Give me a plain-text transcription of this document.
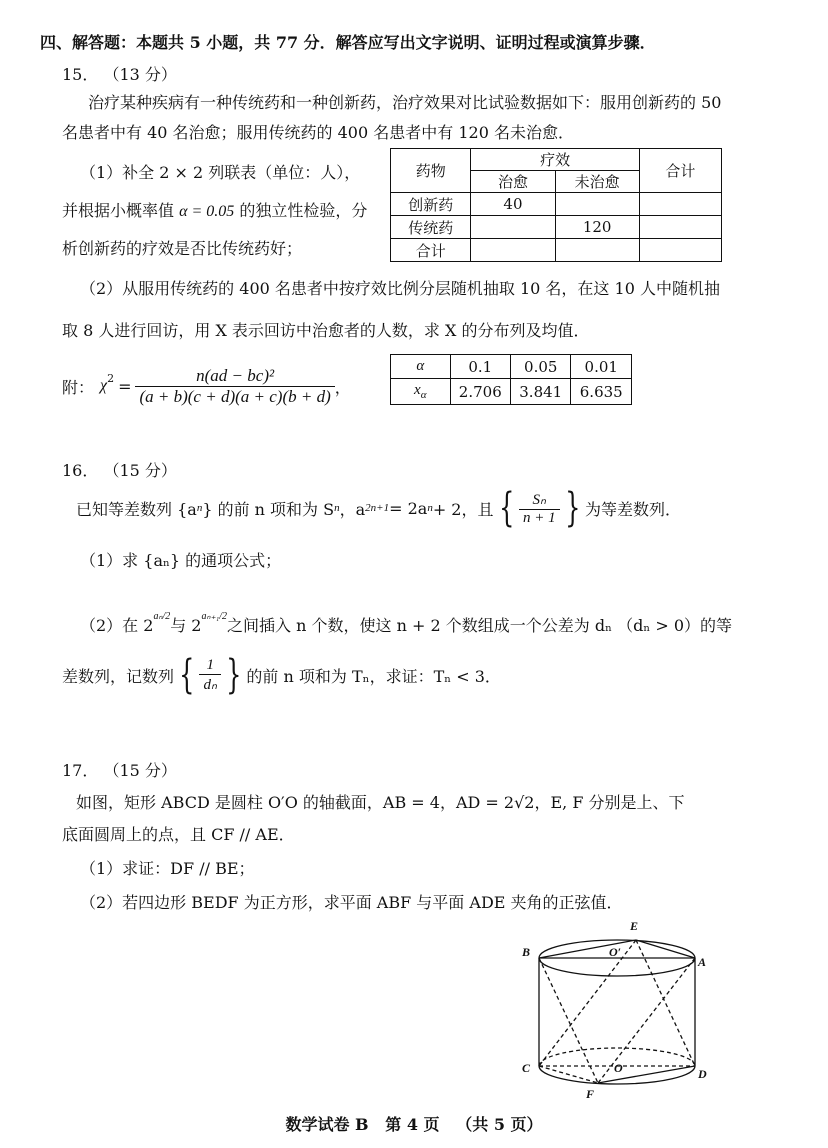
四、解答题：本题共 5 小题，共 77 分．解答应写出文字说明、证明过程或演算步骤．
15． （13 分）
治疗某种疾病有一种传统药和一种创新药，治疗效果对比试验数据如下：服用创新药的 50
名患者中有 40 名治愈；服用传统药的 400 名患者中有 120 名未治愈．
（1）补全 2 × 2 列联表（单位：人），
并根据小概率值 α = 0.05 的独立性检验，分
析创新药的疗效是否比传统药好；
药物	疗效		合计
	治愈	未治愈	
创新药	40		
传统药		120	
合计			
（2）从服用传统药的 400 名患者中按疗效比例分层随机抽取 10 名，在这 10 人中随机抽
取 8 人进行回访，用 X 表示回访中治愈者的人数，求 X 的分布列及均值．
附： $\chi^2 = \frac{\text{n(ad − bc)²}}{(a + b)(c + d)(a + c)(b + d)}$ ，
α	0.1	0.05	0.01
$x_\alpha$	2.706	3.841	6.635
16． （15 分）
已知等差数列 {a n } 的前 n 项和为 S n ，a 2n+1 = 2a n + 2，且 { $\frac{\text{Sₙ}}{n + 1}$ } 为等差数列．
（1）求 {aₙ} 的通项公式；
（2）在 $2^{a_n/2}$ 与 $2^{a_{n+1}/2}$ 之间插入 n 个数，使这 n + 2 个数组成一个公差为 dₙ （dₙ > 0）的等
差数列，记数列 { $\frac{1}{\text{dₙ}}$ } 的前 n 项和为 Tₙ，求证：Tₙ < 3．
17． （15 分）
如图，矩形 ABCD 是圆柱 O′O 的轴截面，AB = 4，AD = 2√2，E, F 分别是上、下
底面圆周上的点，且 CF // AE．
（1）求证：DF // BE；
（2）若四边形 BEDF 为正方形，求平面 ABF 与平面 ADE 夹角的正弦值．
E
B	O′
A
C	O	D
F
数学试卷 B   第 4 页   （共 5 页）
